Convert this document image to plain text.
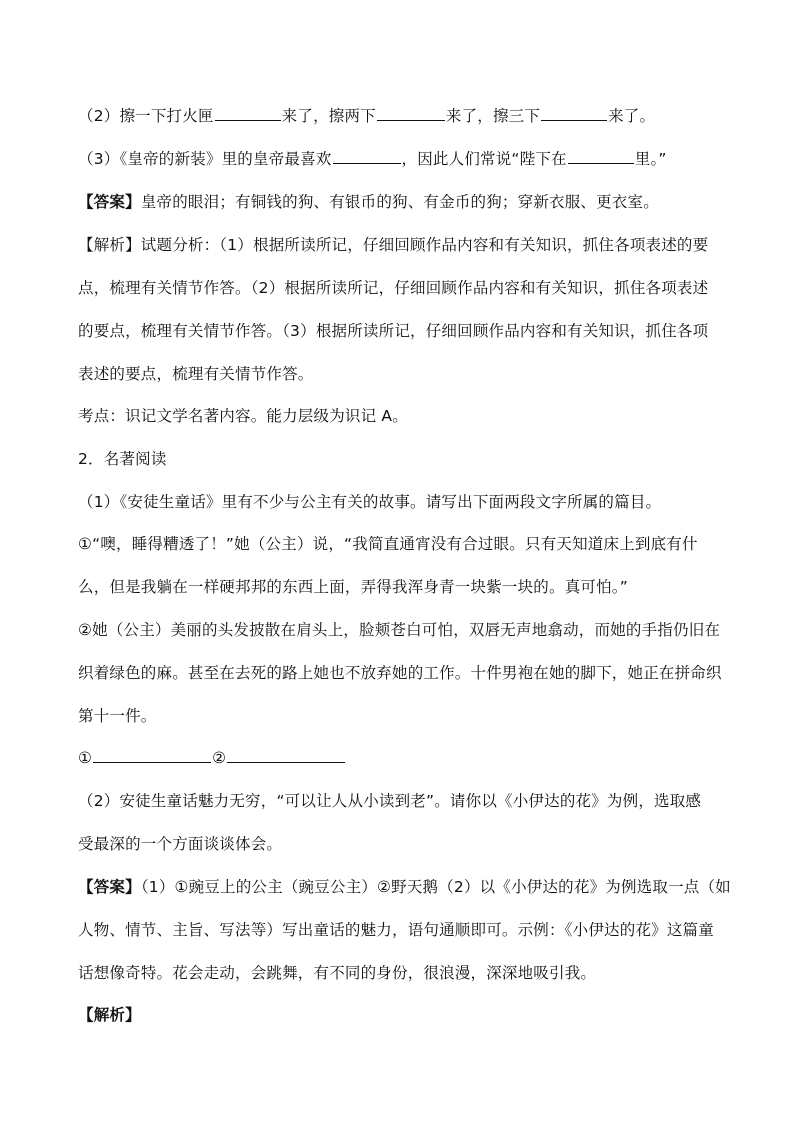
（2）擦一下打火匣	来了，擦两下	来了，擦三下	来了。
（3）《皇帝的新装》里的皇帝最喜欢	，因此人们常说“陛下在	里。”
【答案】皇帝的眼泪；有铜钱的狗、有银币的狗、有金币的狗；穿新衣服、更衣室。
【解析】试题分析：（1）根据所读所记，仔细回顾作品内容和有关知识，抓住各项表述的要
点，梳理有关情节作答。（2）根据所读所记，仔细回顾作品内容和有关知识，抓住各项表述
的要点，梳理有关情节作答。（3）根据所读所记，仔细回顾作品内容和有关知识，抓住各项
表述的要点，梳理有关情节作答。
考点：识记文学名著内容。能力层级为识记 A。
2．名著阅读
（1）《安徒生童话》里有不少与公主有关的故事。请写出下面两段文字所属的篇目。
①“噢，睡得糟透了！”她（公主）说，“我简直通宵没有合过眼。只有天知道床上到底有什
么，但是我躺在一样硬邦邦的东西上面，弄得我浑身青一块紫一块的。真可怕。”
②她（公主）美丽的头发披散在肩头上，脸颊苍白可怕，双唇无声地翕动，而她的手指仍旧在
织着绿色的麻。甚至在去死的路上她也不放弃她的工作。十件男袍在她的脚下，她正在拼命织
第十一件。
①	②
（2）安徒生童话魅力无穷，“可以让人从小读到老”。请你以《小伊达的花》为例，选取感
受最深的一个方面谈谈体会。
【答案】（1）①豌豆上的公主（豌豆公主）②野天鹅（2）以《小伊达的花》为例选取一点（如
人物、情节、主旨、写法等）写出童话的魅力，语句通顺即可。示例：《小伊达的花》这篇童
话想像奇特。花会走动，会跳舞，有不同的身份，很浪漫，深深地吸引我。
【解析】
